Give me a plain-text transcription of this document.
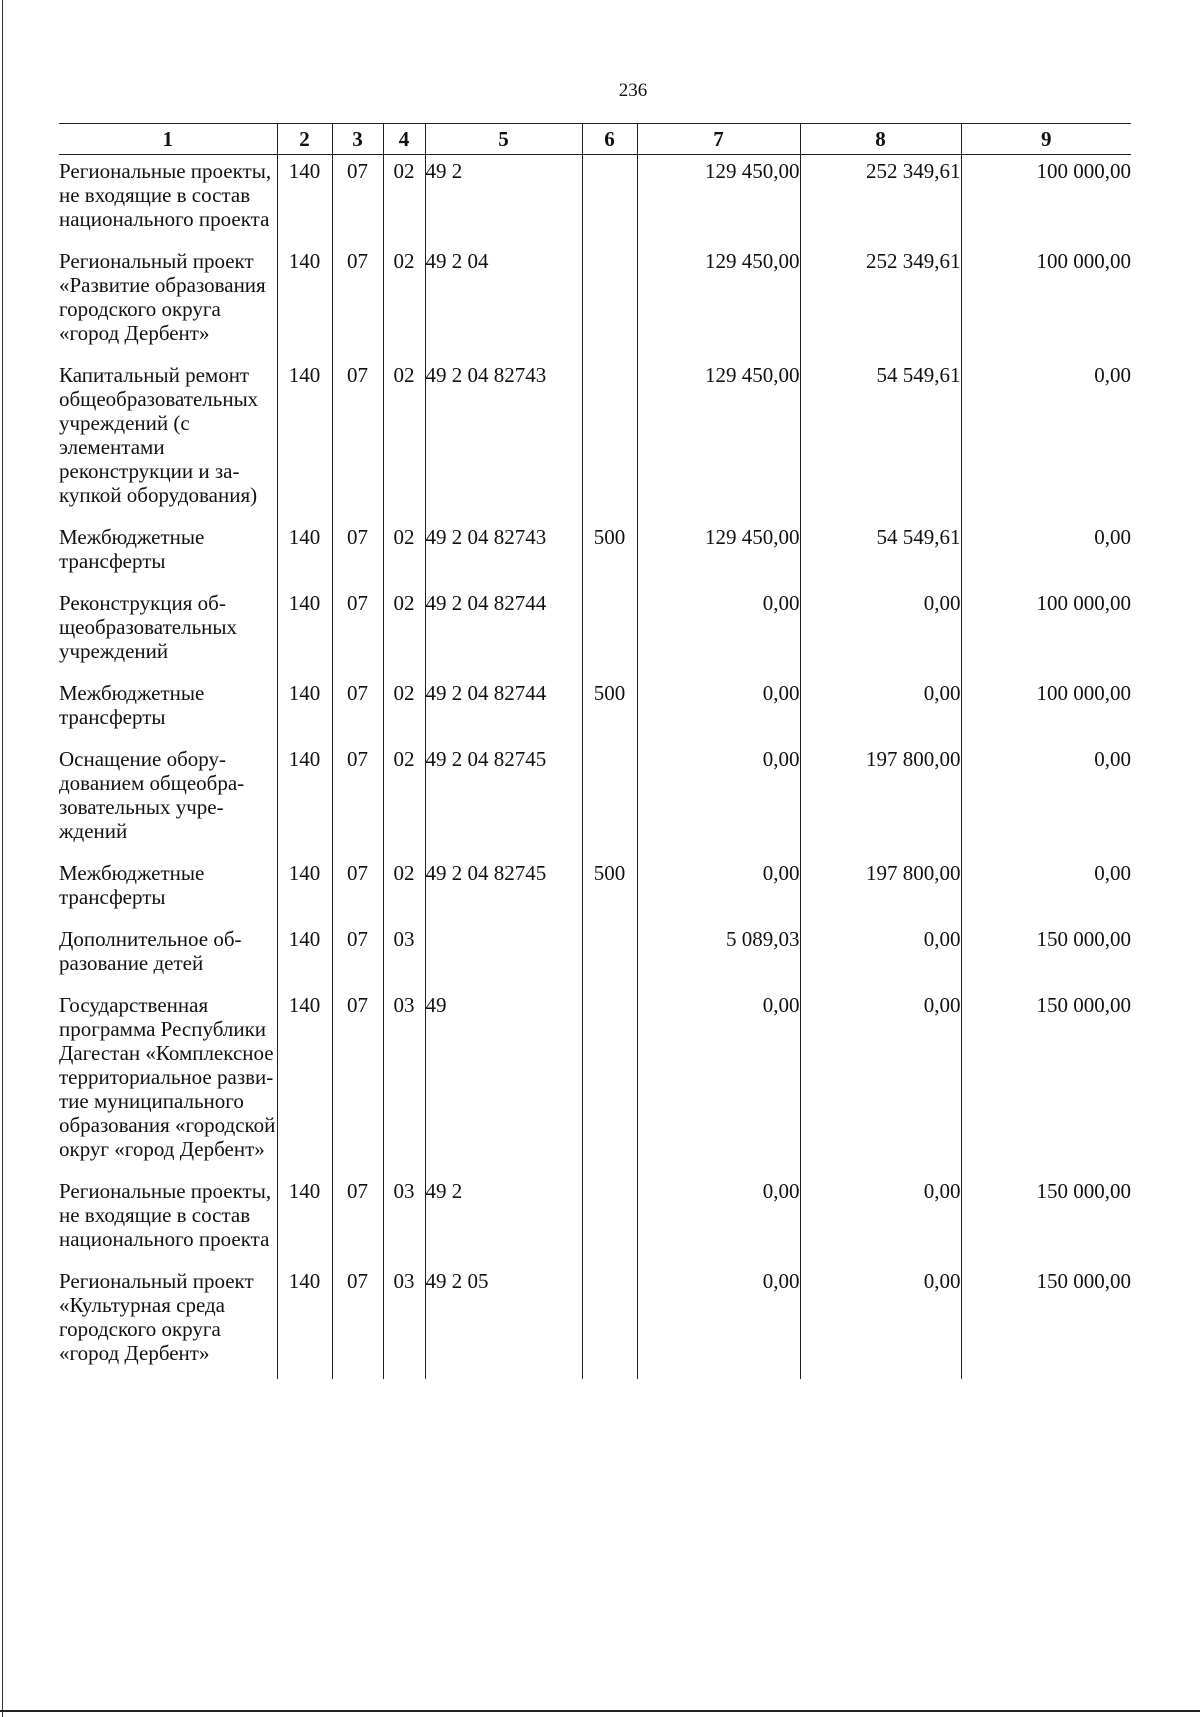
236
1	2	3	4	5	6	7	8	9
Региональные проекты, не входящие в состав национального проекта	140	07	02	49 2		129 450,00	252 349,61	100 000,00
Региональный проект «Развитие образования городского округа «город Дербент»	140	07	02	49 2 04		129 450,00	252 349,61	100 000,00
Капитальный ремонт общеобразовательных учреждений (с элементами реконструкции и закупкой оборудования)	140	07	02	49 2 04 82743		129 450,00	54 549,61	0,00
Межбюджетные трансферты	140	07	02	49 2 04 82743	500	129 450,00	54 549,61	0,00
Реконструкция общеобразовательных учреждений	140	07	02	49 2 04 82744		0,00	0,00	100 000,00
Межбюджетные трансферты	140	07	02	49 2 04 82744	500	0,00	0,00	100 000,00
Оснащение оборудованием общеобразовательных учреждений	140	07	02	49 2 04 82745		0,00	197 800,00	0,00
Межбюджетные трансферты	140	07	02	49 2 04 82745	500	0,00	197 800,00	0,00
Дополнительное образование детей	140	07	03			5 089,03	0,00	150 000,00
Государственная программа Республики Дагестан «Комплексное территориальное развитие муниципального образования «городской округ «город Дербент»	140	07	03	49		0,00	0,00	150 000,00
Региональные проекты, не входящие в состав национального проекта	140	07	03	49 2		0,00	0,00	150 000,00
Региональный проект «Культурная среда городского округа «город Дербент»	140	07	03	49 2 05		0,00	0,00	150 000,00
